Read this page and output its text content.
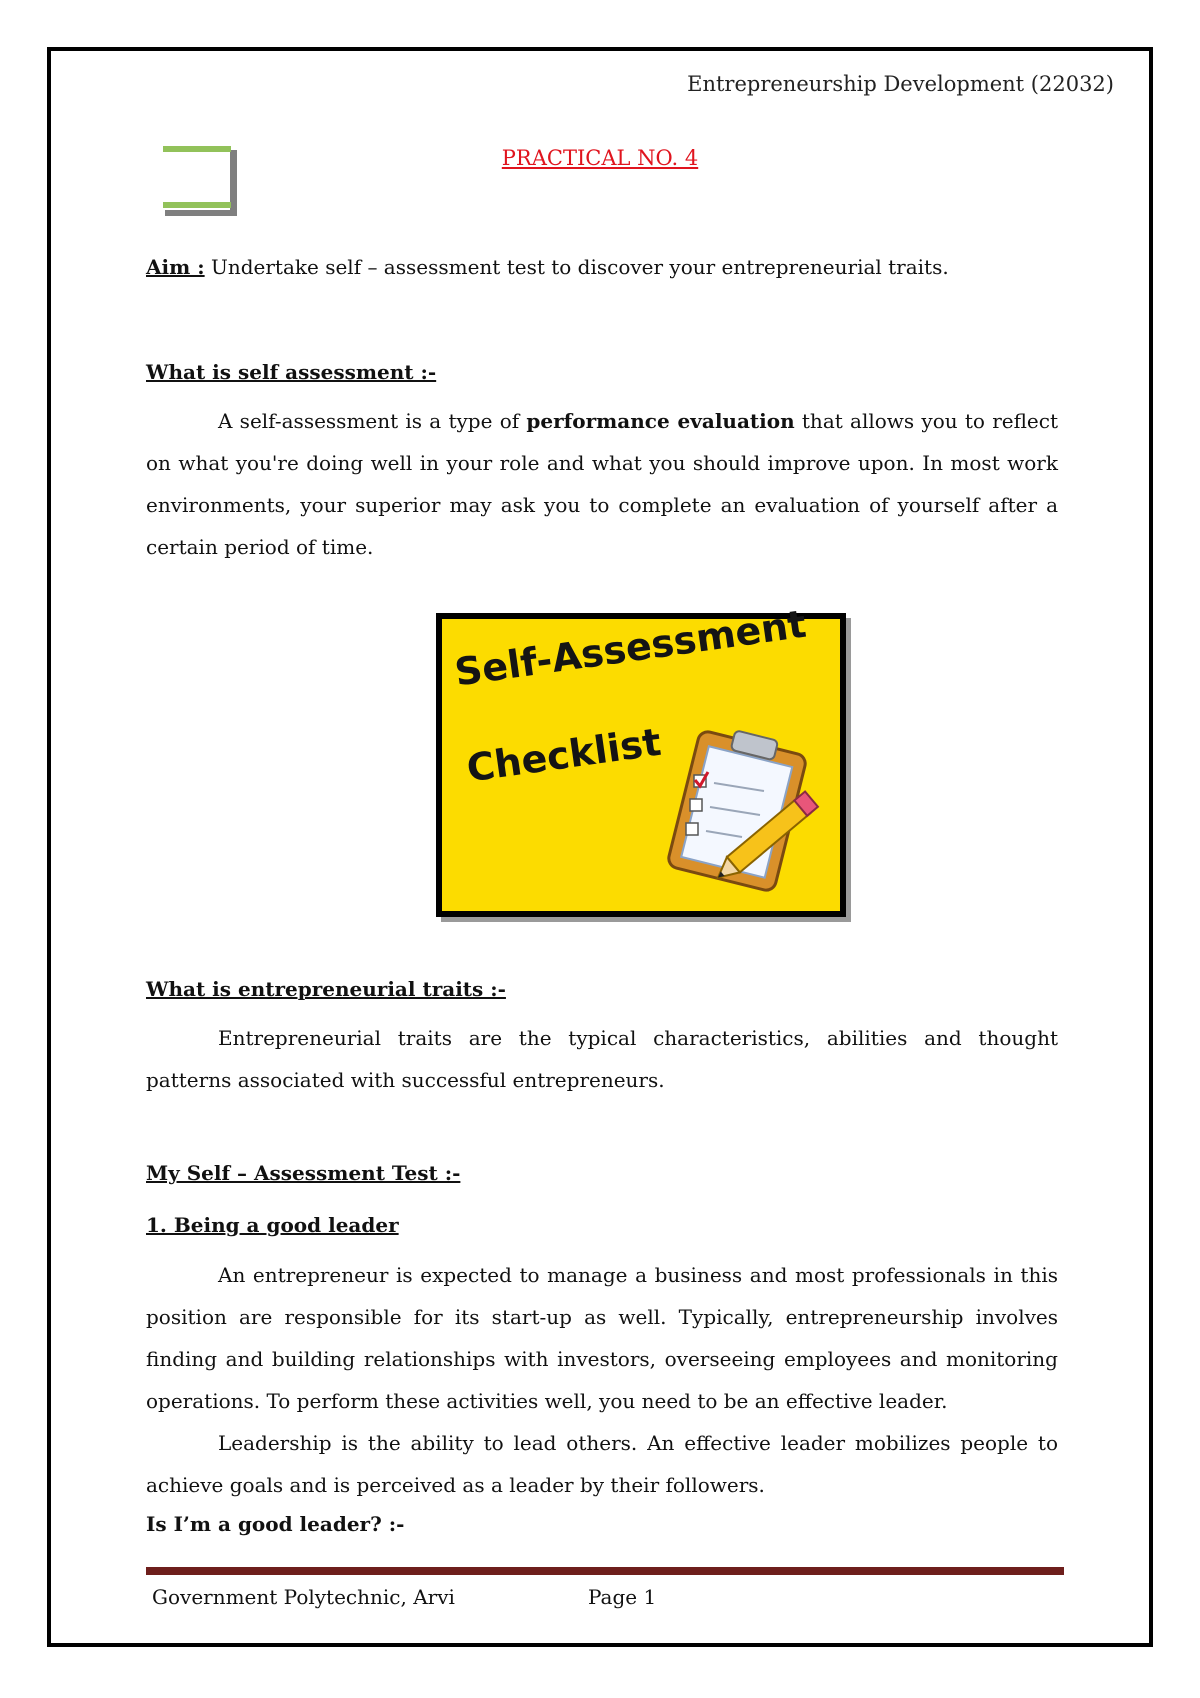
Entrepreneurship Development (22032)
PRACTICAL NO. 4
Aim : Undertake self – assessment test to discover your entrepreneurial traits.
What is self assessment :-

A self-assessment is a type of performance evaluation that allows you to reflect on what you're doing well in your role and what you should improve upon. In most work environments, your superior may ask you to complete an evaluation of yourself after a certain period of time.

Self-Assessment
Checklist
What is entrepreneurial traits :-

Entrepreneurial traits are the typical characteristics, abilities and thought patterns associated with successful entrepreneurs.

My Self – Assessment Test :-
1. Being a good leader

An entrepreneur is expected to manage a business and most professionals in this position are responsible for its start-up as well. Typically, entrepreneurship involves finding and building relationships with investors, overseeing employees and monitoring operations. To perform these activities well, you need to be an effective leader.

Leadership is the ability to lead others. An effective leader mobilizes people to achieve goals and is perceived as a leader by their followers.

Is I’m a good leader? :-
Government Polytechnic, Arvi	Page 1
